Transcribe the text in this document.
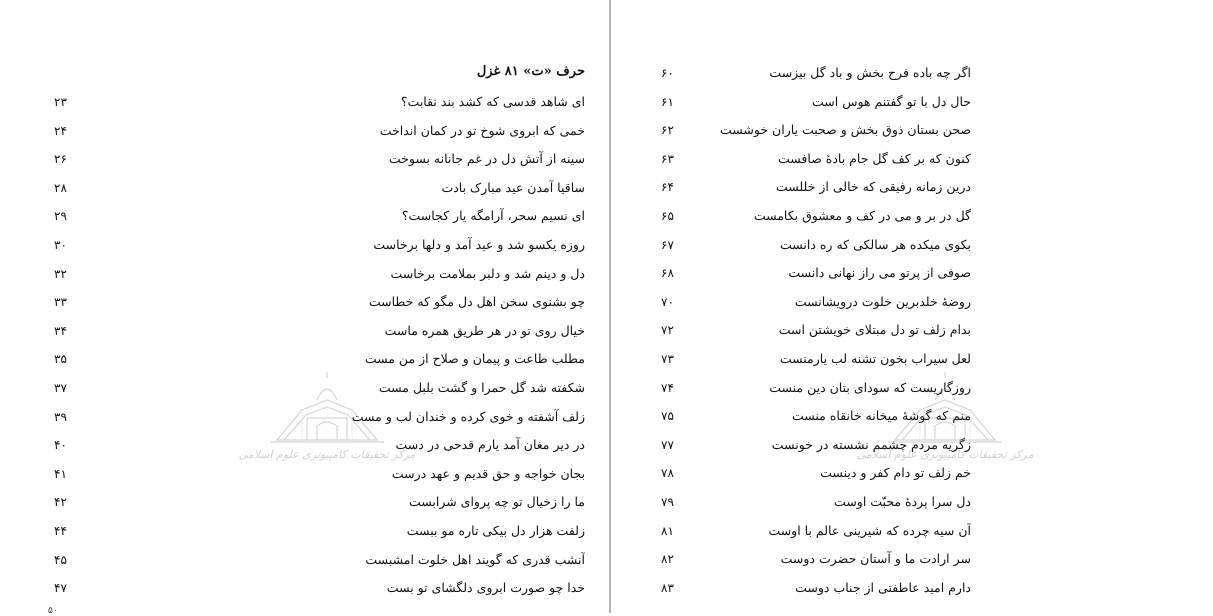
حرف «ت» ۸۱ غزل
ای شاهد قدسی که کشد بند نقابت؟
۲۳
خمی که ابروی شوخ تو در کمان انداخت
۲۴
سینه از آتش دل در غم جانانه بسوخت
۲۶
ساقیا آمدن عید مبارک بادت
۲۸
ای نسیم سحر، آرامگه یار کجاست؟
۲۹
روزه یکسو شد و عید آمد و دلها برخاست
۳۰
دل و دینم شد و دلبر بملامت برخاست
۳۲
چو بشنوی سخن اهل دل مگو که خطاست
۳۳
خیال روی تو در هر طریق همره ماست
۳۴
مطلب طاعت و پیمان و صلاح از من مست
۳۵
شکفته شد گل حمرا و گشت بلبل مست
۳۷
زلف آشفته و خوی کرده و خندان لب و مست
۳۹
در دیر مغان آمد یارم قدحی در دست
۴۰
بجان خواجه و حق قدیم و عهد درست
۴۱
ما را زخیال تو چه پروای شرابست
۴۲
زلفت هزار دل بیکی تاره مو ببست
۴۴
آنشب قدری که گویند اهل خلوت امشبست
۴۵
خدا چو صورت ابروی دلگشای تو بست
۴۷
مرکز تحقیقات کامپیوتری علوم اسلامی
۵۰
اگر چه باده فرح بخش و باد گل بیزست
۶۰
حال دل با تو گفتنم هوس است
۶۱
صحن بستان ذوق بخش و صحبت یاران خوشست
۶۲
کنون که بر کف گل جام بادهٔ صافست
۶۳
درین زمانه رفیقی که خالی از خللست
۶۴
گل در بر و می در کف و معشوق بکامست
۶۵
بکوی میکده هر سالکی که ره دانست
۶۷
صوفی از پرتو می راز نهانی دانست
۶۸
روضهٔ خلدبرین خلوت درویشانست
۷۰
بدام زلف تو دل مبتلای خویشتن است
۷۲
لعل سیراب بخون تشنه لب یارمنست
۷۳
روزگاریست که سودای بتان دین منست
۷۴
منم که گوشهٔ میخانه خانقاه منست
۷۵
زگریه مردم چشمم نشسته در خونست
۷۷
خم زلف تو دام کفر و دینست
۷۸
دل سرا پردهٔ محبّت اوست
۷۹
آن سیه چرده که شیرینی عالم با اوست
۸۱
سر ارادت ما و آستان حضرت دوست
۸۲
دارم امید عاطفتی از جناب دوست
۸۳
مرکز تحقیقات کامپیوتری علوم اسلامی
